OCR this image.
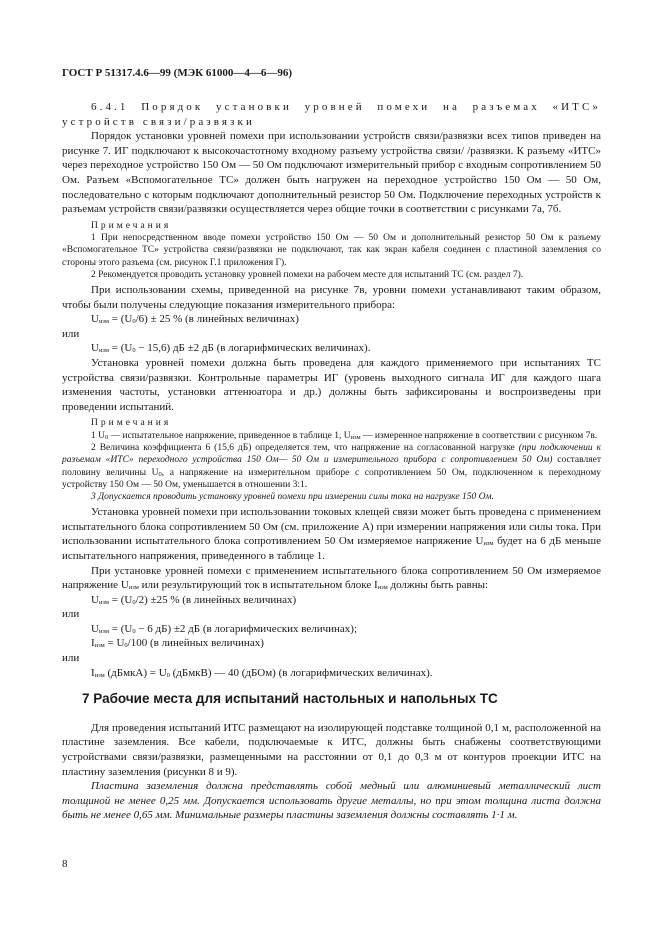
ГОСТ Р 51317.4.6—99 (МЭК 61000—4—6—96)

6.4.1 Порядок установки уровней помехи на разъемах «ИТС» устройств связи/развязки

Порядок установки уровней помехи при использовании устройств связи/развязки всех типов приведен на рисунке 7. ИГ подключают к высокочастотному входному разъему устройства связи/ /развязки. К разъему «ИТС» через переходное устройство 150 Ом — 50 Ом подключают измерительный прибор с входным сопротивлением 50 Ом. Разъем «Вспомогательное ТС» должен быть нагружен на переходное устройство 150 Ом — 50 Ом, последовательно с которым подключают дополнительный резистор 50 Ом. Подключение переходных устройств к разъемам устройств связи/развязки осуществляется через общие точки в соответствии с рисунками 7а, 7б.

Примечания

1 При непосредственном вводе помехи устройство 150 Ом — 50 Ом и дополнительный резистор 50 Ом к разъему «Вспомогательное ТС» устройства связи/развязки не подключают, так как экран кабеля соединен с пластиной заземления со стороны этого разъема (см. рисунок Г.1 приложения Г).

2 Рекомендуется проводить установку уровней помехи на рабочем месте для испытаний ТС (см. раздел 7).

При использовании схемы, приведенной на рисунке 7в, уровни помехи устанавливают таким образом, чтобы были получены следующие показания измерительного прибора:

$U_{изм} = (U_0/6) \pm 25$ % (в линейных величинах)

или

$U_{изм} = (U_0 - 15,6)$ дБ ±2 дБ (в логарифмических величинах).

Установка уровней помехи должна быть проведена для каждого применяемого при испытаниях ТС устройства связи/развязки. Контрольные параметры ИГ (уровень выходного сигнала ИГ для каждого шага изменения частоты, установки аттенюатора и др.) должны быть зафиксированы и воспроизведены при проведении испытаний.

Примечания

1 $U_0$ — испытательное напряжение, приведенное в таблице 1, $U_{изм}$ — измеренное напряжение в соответствии с рисунком 7в.

2 Величина коэффициента 6 (15,6 дБ) определяется тем, что напряжение на согласованной нагрузке (при подключении к разъемам «ИТС» переходного устройства 150 Ом— 50 Ом и измерительного прибора с сопротивлением 50 Ом) составляет половину величины $U_0$, а напряжение на измерительном приборе с сопротивлением 50 Ом, подключенном к переходному устройству 150 Ом — 50 Ом, уменьшается в отношении 3:1.

3 Допускается проводить установку уровней помехи при измерении силы тока на нагрузке 150 Ом.

Установка уровней помехи при использовании токовых клещей связи может быть проведена с применением испытательного блока сопротивлением 50 Ом (см. приложение А) при измерении напряжения или силы тока. При использовании испытательного блока сопротивлением 50 Ом измеряемое напряжение $U_{изм}$ будет на 6 дБ меньше испытательного напряжения, приведенного в таблице 1.

При установке уровней помехи с применением испытательного блока сопротивлением 50 Ом измеряемое напряжение $U_{изм}$ или результирующий ток в испытательном блоке $I_{изм}$ должны быть равны:

$U_{изм} = (U_0/2) \pm 25$ % (в линейных величинах)

или

$U_{изм} = (U_0 - 6$ дБ) ±2 дБ (в логарифмических величинах);

$I_{изм} = U_0/100$ (в линейных величинах)

или

$I_{изм}$ (дБмкА) = $U_0$ (дБмкВ) — 40 (дБОм) (в логарифмических величинах).

7 Рабочие места для испытаний настольных и напольных ТС

Для проведения испытаний ИТС размещают на изолирующей подставке толщиной 0,1 м, расположенной на пластине заземления. Все кабели, подключаемые к ИТС, должны быть снабжены соответствующими устройствами связи/развязки, размещенными на расстоянии от 0,1 до 0,3 м от контуров проекции ИТС на пластину заземления (рисунки 8 и 9).

Пластина заземления должна представлять собой медный или алюминиевый металлический лист толщиной не менее 0,25 мм. Допускается использовать другие металлы, но при этом толщина листа должна быть не менее 0,65 мм. Минимальные размеры пластины заземления должны составлять 1·1 м.

8
